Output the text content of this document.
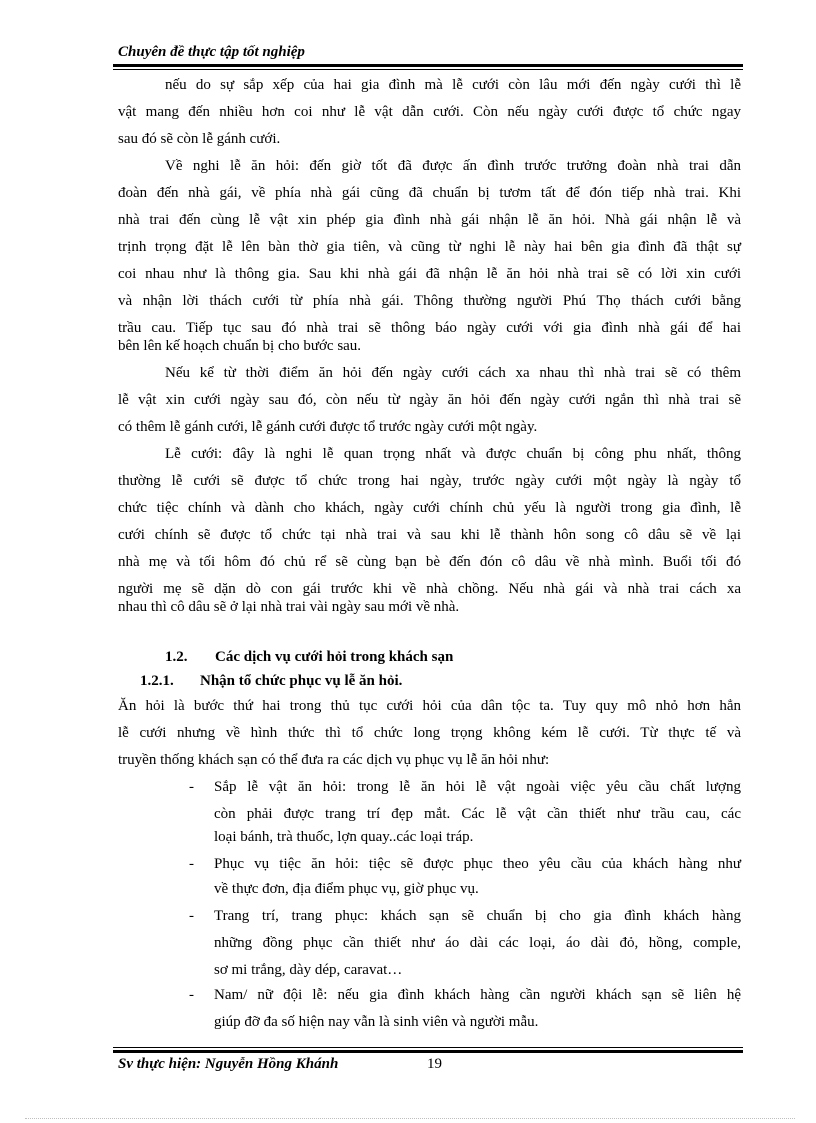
Chuyên đề thực tập tốt nghiệp
nếu do sự sắp xếp của hai gia đình mà lễ cưới còn lâu mới đến ngày cưới thì lễ
vật mang đến nhiều hơn coi như lễ vật dẫn cưới. Còn nếu ngày cưới được tổ chức ngay
sau đó sẽ còn lễ gánh cưới.
Về nghi lễ ăn hỏi: đến giờ tốt đã được ấn đình trước trưởng đoàn nhà trai dẫn
đoàn đến nhà gái, về phía nhà gái cũng đã chuẩn bị tươm tất để đón tiếp nhà trai. Khi
nhà trai đến cùng lễ vật xin phép gia đình nhà gái nhận lễ ăn hỏi. Nhà gái nhận lễ và
trịnh trọng đặt lễ lên bàn thờ gia tiên, và cũng từ nghi lễ này hai bên gia đình đã thật sự
coi nhau như là thông gia. Sau khi nhà gái đã nhận lễ ăn hỏi nhà trai sẽ có lời xin cưới
và nhận lời thách cưới từ phía nhà gái. Thông thường người Phú Thọ thách cưới bằng
trầu cau. Tiếp tục sau đó nhà trai sẽ thông báo ngày cưới với gia đình nhà gái để hai
bên lên kế hoạch chuẩn bị cho bước sau.
Nếu kể từ thời điểm ăn hỏi đến ngày cưới cách xa nhau thì nhà trai sẽ có thêm
lễ vật xin cưới ngày sau đó, còn nếu từ ngày ăn hỏi đến ngày cưới ngắn thì nhà trai sẽ
có thêm lễ gánh cưới, lễ gánh cưới được tổ trước ngày cưới một ngày.
Lễ cưới: đây là nghi lễ quan trọng nhất và được chuẩn bị công phu nhất, thông
thường lễ cưới sẽ được tổ chức trong hai ngày, trước ngày cưới một ngày là ngày tổ
chức tiệc chính và dành cho khách, ngày cưới chính chủ yếu là người trong gia đình, lễ
cưới chính sẽ được tổ chức tại nhà trai và sau khi lễ thành hôn song cô dâu sẽ về lại
nhà mẹ và tối hôm đó chủ rể sẽ cùng bạn bè đến đón cô dâu về nhà mình. Buổi tối đó
người mẹ sẽ dặn dò con gái trước khi về nhà chồng. Nếu nhà gái và nhà trai cách xa
nhau thì cô dâu sẽ ở lại nhà trai vài ngày sau mới về nhà.
1.2. Các dịch vụ cưới hỏi trong khách sạn
1.2.1. Nhận tổ chức phục vụ lễ ăn hỏi.
Ăn hỏi là bước thứ hai trong thủ tục cưới hỏi của dân tộc ta. Tuy quy mô nhỏ hơn hẳn
lễ cưới nhưng về hình thức thì tổ chức long trọng không kém lễ cưới. Từ thực tế và
truyền thống khách sạn có thể đưa ra các dịch vụ phục vụ lễ ăn hỏi như:
- Sắp lễ vật ăn hỏi: trong lễ ăn hỏi lễ vật ngoài việc yêu cầu chất lượng
còn phải được trang trí đẹp mắt. Các lễ vật cần thiết như trầu cau, các
loại bánh, trà thuốc, lợn quay..các loại tráp.
- Phục vụ tiệc ăn hỏi: tiệc sẽ được phục theo yêu cầu của khách hàng như
về thực đơn, địa điểm phục vụ, giờ phục vụ.
- Trang trí, trang phục: khách sạn sẽ chuẩn bị cho gia đình khách hàng
những đồng phục cần thiết như áo dài các loại, áo dài đỏ, hồng, comple,
sơ mi trắng, dày dép, caravat…
- Nam/ nữ đội lễ: nếu gia đình khách hàng cần người khách sạn sẽ liên hệ
giúp đỡ đa số hiện nay vẫn là sinh viên và người mẫu.
Sv thực hiện: Nguyễn Hồng Khánh	19
